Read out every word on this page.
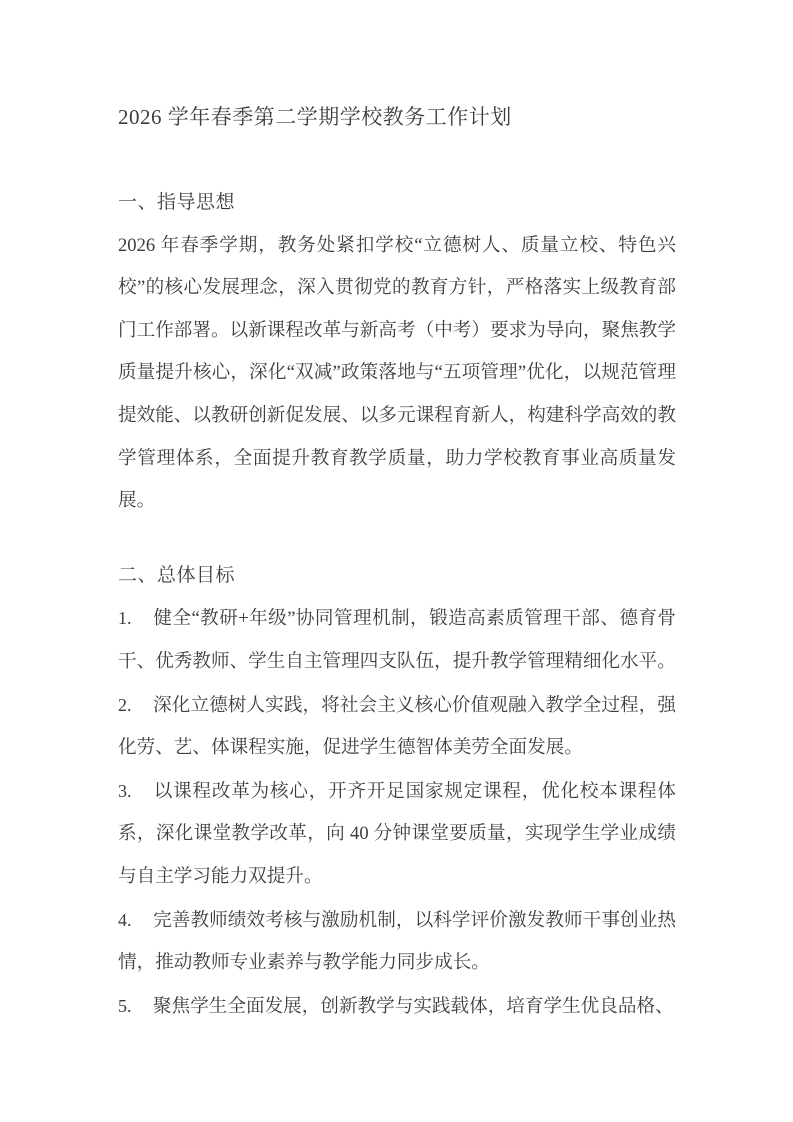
2026 学年春季第二学期学校教务工作计划
一、指导思想

2026 年春季学期，教务处紧扣学校“立德树人、质量立校、特色兴校”的核心发展理念，深入贯彻党的教育方针，严格落实上级教育部门工作部署。以新课程改革与新高考（中考）要求为导向，聚焦教学质量提升核心，深化“双减”政策落地与“五项管理”优化，以规范管理提效能、以教研创新促发展、以多元课程育新人，构建科学高效的教学管理体系，全面提升教育教学质量，助力学校教育事业高质量发展。

二、总体目标

1. 健全“教研+年级”协同管理机制，锻造高素质管理干部、德育骨干、优秀教师、学生自主管理四支队伍，提升教学管理精细化水平。

2. 深化立德树人实践，将社会主义核心价值观融入教学全过程，强化劳、艺、体课程实施，促进学生德智体美劳全面发展。

3. 以课程改革为核心，开齐开足国家规定课程，优化校本课程体系，深化课堂教学改革，向 40 分钟课堂要质量，实现学生学业成绩与自主学习能力双提升。

4. 完善教师绩效考核与激励机制，以科学评价激发教师干事创业热情，推动教师专业素养与教学能力同步成长。

5. 聚焦学生全面发展，创新教学与实践载体，培育学生优良品格、
